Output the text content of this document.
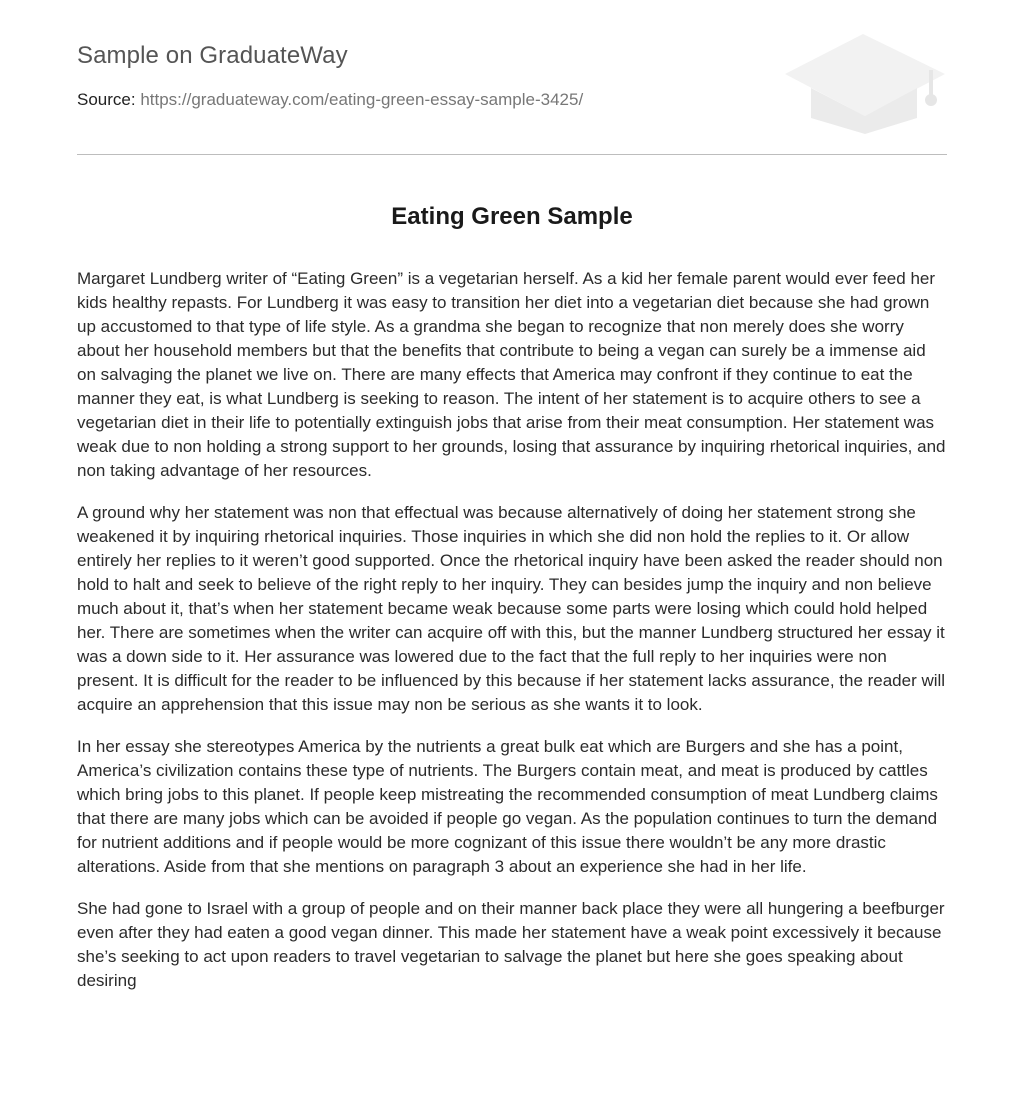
Sample on GraduateWay
Source: https://graduateway.com/eating-green-essay-sample-3425/
Eating Green Sample

Margaret Lundberg writer of “Eating Green” is a vegetarian herself. As a kid her female parent would ever feed her kids healthy repasts. For Lundberg it was easy to transition her diet into a vegetarian diet because she had grown up accustomed to that type of life style. As a grandma she began to recognize that non merely does she worry about her household members but that the benefits that contribute to being a vegan can surely be a immense aid on salvaging the planet we live on. There are many effects that America may confront if they continue to eat the manner they eat, is what Lundberg is seeking to reason. The intent of her statement is to acquire others to see a vegetarian diet in their life to potentially extinguish jobs that arise from their meat consumption. Her statement was weak due to non holding a strong support to her grounds, losing that assurance by inquiring rhetorical inquiries, and non taking advantage of her resources.

A ground why her statement was non that effectual was because alternatively of doing her statement strong she weakened it by inquiring rhetorical inquiries. Those inquiries in which she did non hold the replies to it. Or allow entirely her replies to it weren’t good supported. Once the rhetorical inquiry have been asked the reader should non hold to halt and seek to believe of the right reply to her inquiry. They can besides jump the inquiry and non believe much about it, that’s when her statement became weak because some parts were losing which could hold helped her. There are sometimes when the writer can acquire off with this, but the manner Lundberg structured her essay it was a down side to it. Her assurance was lowered due to the fact that the full reply to her inquiries were non present. It is difficult for the reader to be influenced by this because if her statement lacks assurance, the reader will acquire an apprehension that this issue may non be serious as she wants it to look.

In her essay she stereotypes America by the nutrients a great bulk eat which are Burgers and she has a point, America’s civilization contains these type of nutrients. The Burgers contain meat, and meat is produced by cattles which bring jobs to this planet. If people keep mistreating the recommended consumption of meat Lundberg claims that there are many jobs which can be avoided if people go vegan. As the population continues to turn the demand for nutrient additions and if people would be more cognizant of this issue there wouldn’t be any more drastic alterations. Aside from that she mentions on paragraph 3 about an experience she had in her life.

She had gone to Israel with a group of people and on their manner back place they were all hungering a beefburger even after they had eaten a good vegan dinner. This made her statement have a weak point excessively it because she’s seeking to act upon readers to travel vegetarian to salvage the planet but here she goes speaking about desiring
